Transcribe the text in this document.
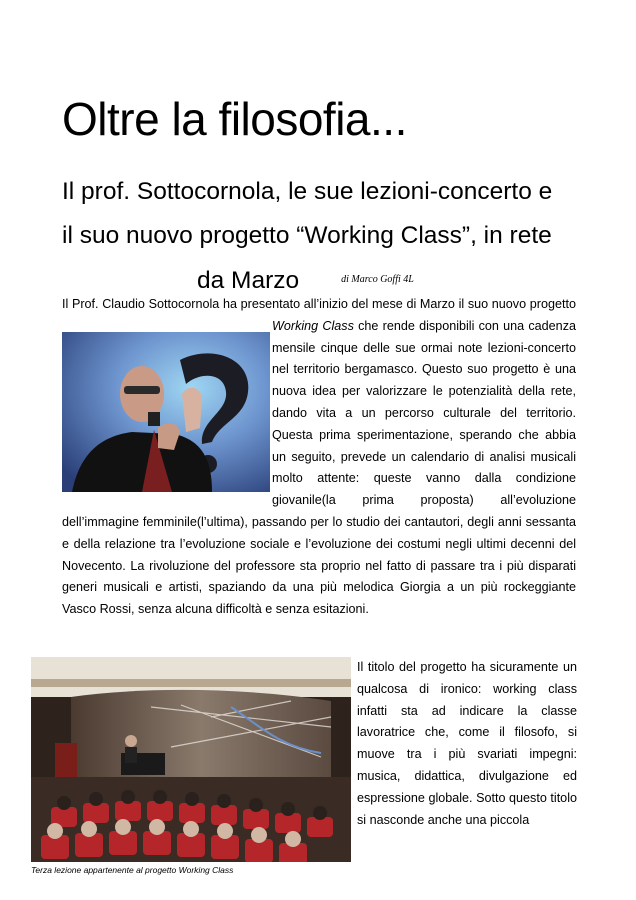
Oltre la filosofia...
Il prof. Sottocornola, le sue lezioni-concerto e
il suo nuovo progetto “Working Class”, in rete
da Marzo	$^{di Marco Goffi 4L}$

Il Prof. Claudio Sottocornola ha presentato all’inizio del mese di Marzo il suo nuovo
progetto Working Class che rende disponibili con una cadenza mensile cinque delle sue ormai note lezioni-concerto nel territorio bergamasco. Questo suo progetto è una nuova idea per valorizzare le potenzialità della rete, dando vita a un percorso culturale del territorio. Questa prima sperimentazione, sperando che abbia un seguito, prevede un calendario di analisi musicali molto attente: queste vanno dalla condizione giovanile(la prima proposta) all’evoluzione dell’immagine femminile(l’ultima), passando per lo studio dei cantautori, degli anni sessanta e della relazione tra l’evoluzione sociale e l’evoluzione dei costumi negli ultimi decenni del Novecento. La rivoluzione del professore sta proprio nel fatto di passare tra i più disparati generi musicali e artisti, spaziando da una più melodica Giorgia a un più rockeggiante Vasco Rossi, senza alcuna difficoltà e senza esitazioni.

Terza lezione appartenente al progetto Working Class

Il titolo del progetto ha sicuramente un qualcosa di ironico: working class infatti sta ad indicare la classe lavoratrice che, come il filosofo, si muove tra i più svariati impegni: musica, didattica, divulgazione ed espressione globale. Sotto questo titolo si nasconde anche una piccola
